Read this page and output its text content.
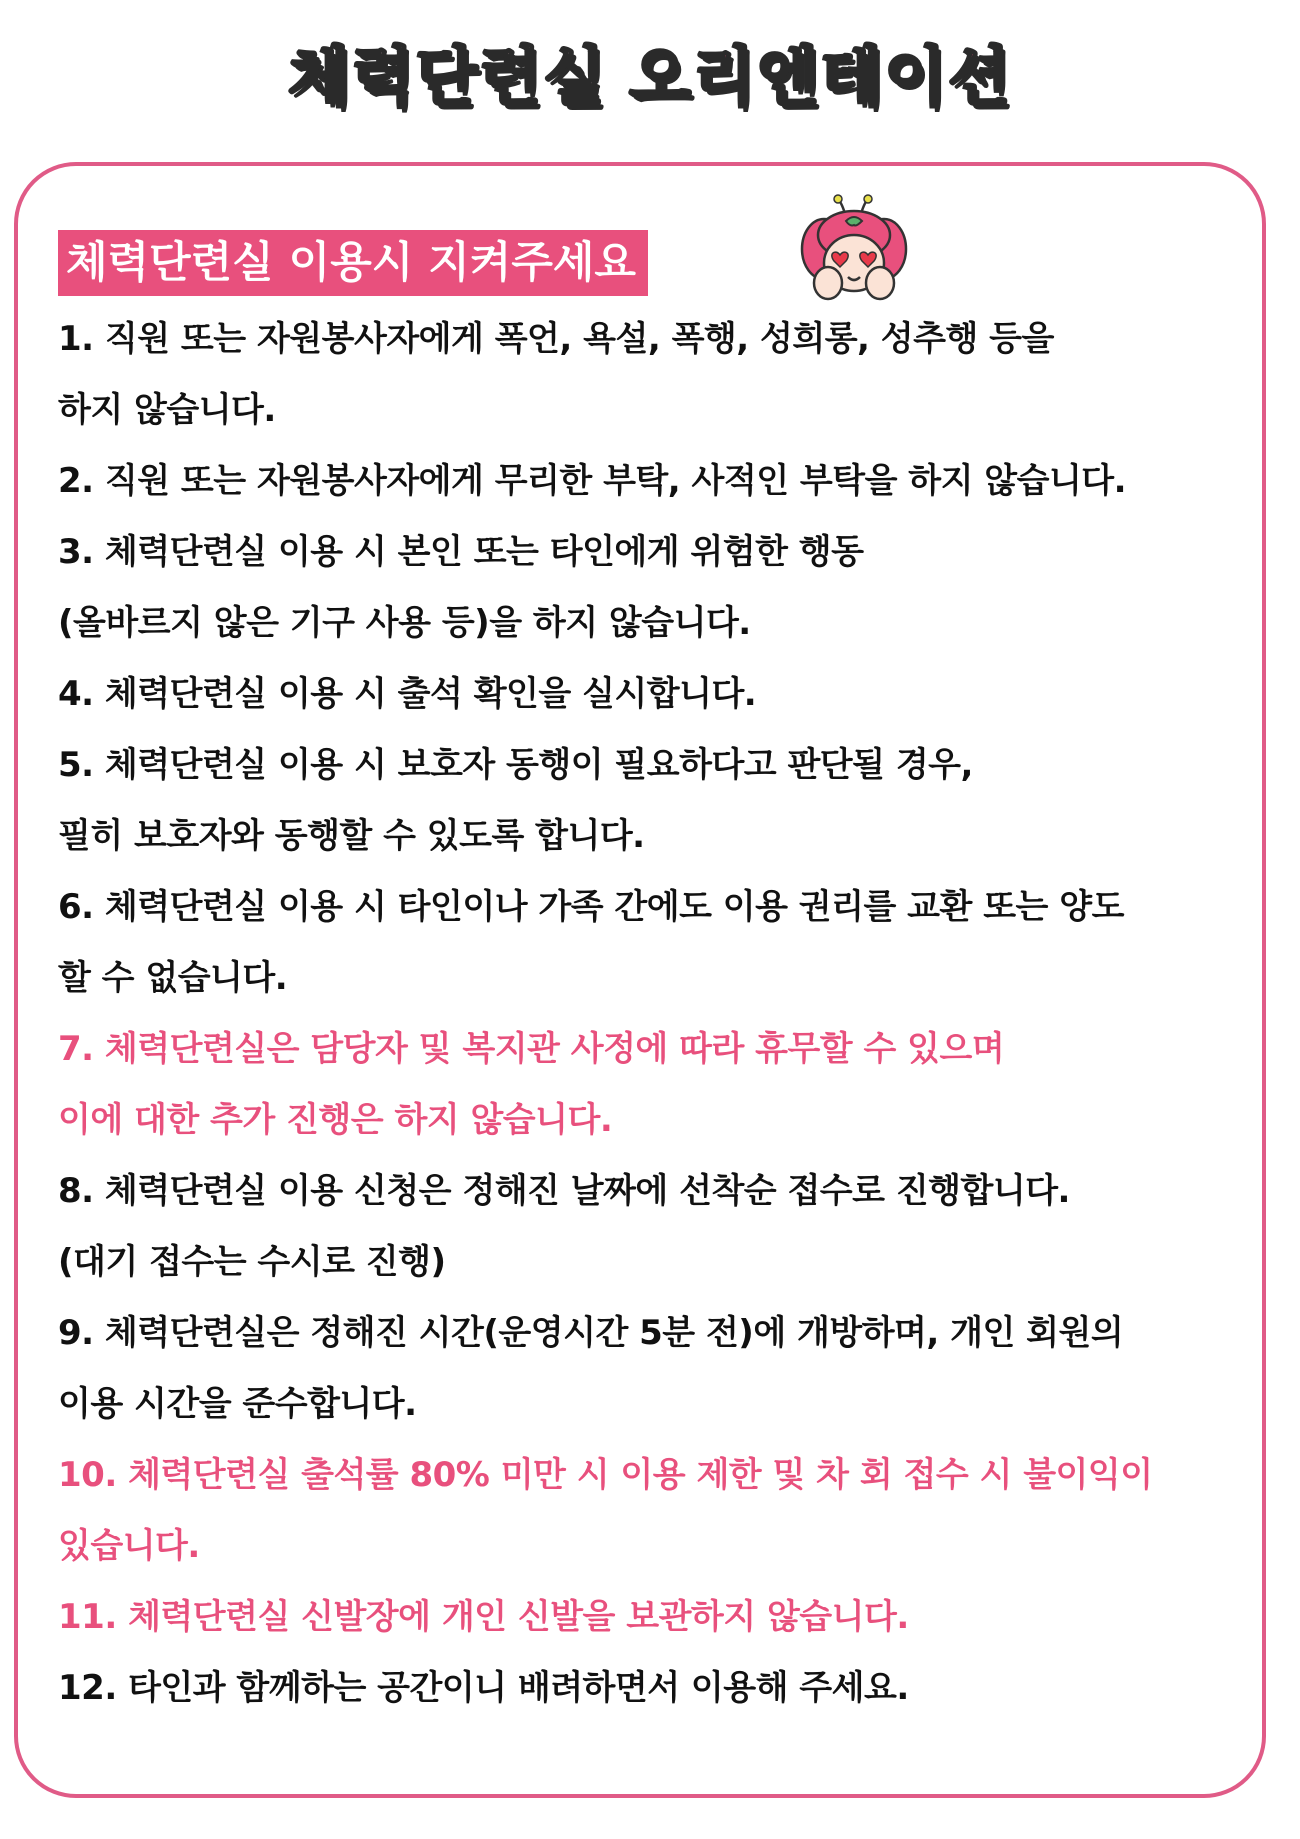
체력단련실 오리엔테이션
체력단련실 이용시 지켜주세요
1. 직원 또는 자원봉사자에게 폭언, 욕설, 폭행, 성희롱, 성추행 등을
하지 않습니다.
2. 직원 또는 자원봉사자에게 무리한 부탁, 사적인 부탁을 하지 않습니다.
3. 체력단련실 이용 시 본인 또는 타인에게 위험한 행동
(올바르지 않은 기구 사용 등)을 하지 않습니다.
4. 체력단련실 이용 시 출석 확인을 실시합니다.
5. 체력단련실 이용 시 보호자 동행이 필요하다고 판단될 경우,
필히 보호자와 동행할 수 있도록 합니다.
6. 체력단련실 이용 시 타인이나 가족 간에도 이용 권리를 교환 또는 양도
할 수 없습니다.
7. 체력단련실은 담당자 및 복지관 사정에 따라 휴무할 수 있으며
이에 대한 추가 진행은 하지 않습니다.
8. 체력단련실 이용 신청은 정해진 날짜에 선착순 접수로 진행합니다.
(대기 접수는 수시로 진행)
9. 체력단련실은 정해진 시간(운영시간 5분 전)에 개방하며, 개인 회원의
이용 시간을 준수합니다.
10. 체력단련실 출석률 80% 미만 시 이용 제한 및 차 회 접수 시 불이익이
있습니다.
11. 체력단련실 신발장에 개인 신발을 보관하지 않습니다.
12. 타인과 함께하는 공간이니 배려하면서 이용해 주세요.
